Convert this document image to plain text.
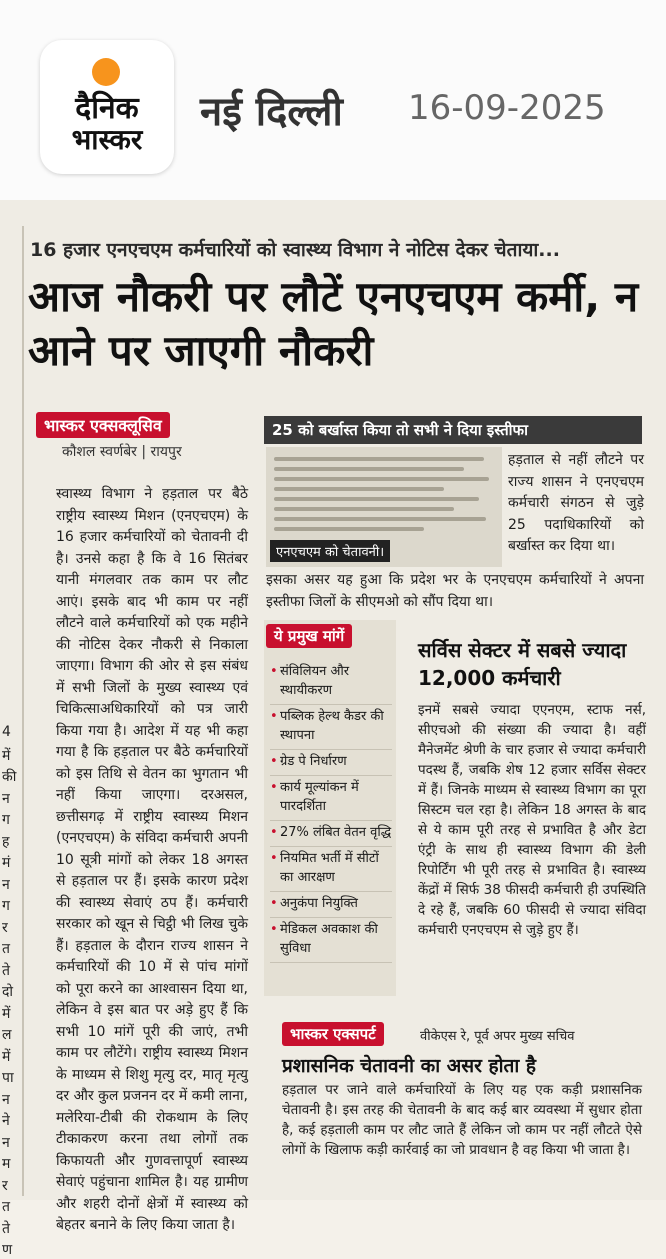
दैनिक
भास्कर
नई दिल्ली 16-09-2025
4
में
की
न
ग
ह
मं
न
ग
र
त
ते
दो
में
ल
में
पा
न
ने
न
म
र
त
ते
ण
16 हजार एनएचएम कर्मचारियों को स्वास्थ्य विभाग ने नोटिस देकर चेताया...
आज नौकरी पर लौटें एनएचएम कर्मी, न आने पर जाएगी नौकरी
भास्कर एक्सक्लूसिव
कौशल स्वर्णबेर | रायपुर
स्वास्थ्य विभाग ने हड़ताल पर बैठे राष्ट्रीय स्वास्थ्य मिशन (एनएचएम) के 16 हजार कर्मचारियों को चेतावनी दी है। उनसे कहा है कि वे 16 सितंबर यानी मंगलवार तक काम पर लौट आएं। इसके बाद भी काम पर नहीं लौटने वाले कर्मचारियों को एक महीने की नोटिस देकर नौकरी से निकाला जाएगा। विभाग की ओर से इस संबंध में सभी जिलों के मुख्य स्वास्थ्य एवं चिकित्साअधिकारियों को पत्र जारी किया गया है। आदेश में यह भी कहा गया है कि हड़ताल पर बैठे कर्मचारियों को इस तिथि से वेतन का भुगतान भी नहीं किया जाएगा। दरअसल, छत्तीसगढ़ में राष्ट्रीय स्वास्थ्य मिशन (एनएचएम) के संविदा कर्मचारी अपनी 10 सूत्री मांगों को लेकर 18 अगस्त से हड़ताल पर हैं। इसके कारण प्रदेश की स्वास्थ्य सेवाएं ठप हैं। कर्मचारी सरकार को खून से चिट्ठी भी लिख चुके हैं। हड़ताल के दौरान राज्य शासन ने कर्मचारियों की 10 में से पांच मांगों को पूरा करने का आश्वासन दिया था, लेकिन वे इस बात पर अड़े हुए हैं कि सभी 10 मांगें पूरी की जाएं, तभी काम पर लौटेंगे। राष्ट्रीय स्वास्थ्य मिशन के माध्यम से शिशु मृत्यु दर, मातृ मृत्यु दर और कुल प्रजनन दर में कमी लाना, मलेरिया-टीबी की रोकथाम के लिए टीकाकरण करना तथा लोगों तक किफायती और गुणवत्तापूर्ण स्वास्थ्य सेवाएं पहुंचाना शामिल है। यह ग्रामीण और शहरी दोनों क्षेत्रों में स्वास्थ्य को बेहतर बनाने के लिए किया जाता है।
25 को बर्खास्त किया तो सभी ने दिया इस्तीफा
एनएचएम को चेतावनी।
हड़ताल से नहीं लौटने पर राज्य शासन ने एनएचएम कर्मचारी संगठन से जुड़े 25 पदाधिकारियों को बर्खास्त कर दिया था।
इसका असर यह हुआ कि प्रदेश भर के एनएचएम कर्मचारियों ने अपना इस्तीफा जिलों के सीएमओ को सौंप दिया था।
ये प्रमुख मांगें
• संविलियन और स्थायीकरण
• पब्लिक हेल्थ कैडर की स्थापना
• ग्रेड पे निर्धारण
• कार्य मूल्यांकन में पारदर्शिता
• 27% लंबित वेतन वृद्धि
• नियमित भर्ती में सीटों का आरक्षण
• अनुकंपा नियुक्ति
• मेडिकल अवकाश की सुविधा
सर्विस सेक्टर में सबसे ज्यादा 12,000 कर्मचारी
इनमें सबसे ज्यादा एएनएम, स्टाफ नर्स, सीएचओ की संख्या की ज्यादा है। वहीं मैनेजमेंट श्रेणी के चार हजार से ज्यादा कर्मचारी पदस्थ हैं, जबकि शेष 12 हजार सर्विस सेक्टर में हैं। जिनके माध्यम से स्वास्थ्य विभाग का पूरा सिस्टम चल रहा है। लेकिन 18 अगस्त के बाद से ये काम पूरी तरह से प्रभावित है और डेटा एंट्री के साथ ही स्वास्थ्य विभाग की डेली रिपोर्टिंग भी पूरी तरह से प्रभावित है। स्वास्थ्य केंद्रों में सिर्फ 38 फीसदी कर्मचारी ही उपस्थिति दे रहे हैं, जबकि 60 फीसदी से ज्यादा संविदा कर्मचारी एनएचएम से जुड़े हुए हैं।
भास्कर एक्सपर्ट	वीकेएस रे, पूर्व अपर मुख्य सचिव
प्रशासनिक चेतावनी का असर होता है
हड़ताल पर जाने वाले कर्मचारियों के लिए यह एक कड़ी प्रशासनिक चेतावनी है। इस तरह की चेतावनी के बाद कई बार व्यवस्था में सुधार होता है, कई हड़ताली काम पर लौट जाते हैं लेकिन जो काम पर नहीं लौटते ऐसे लोगों के खिलाफ कड़ी कार्रवाई का जो प्रावधान है वह किया भी जाता है।
